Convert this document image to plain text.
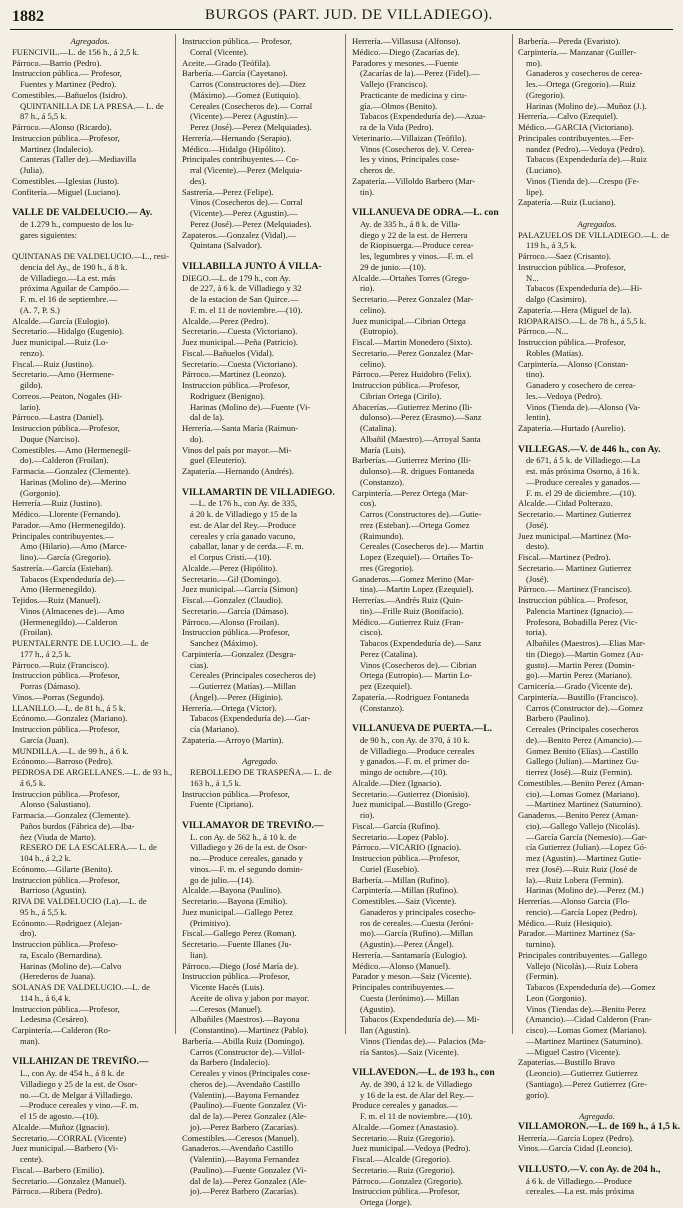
1882	BURGOS (PART. JUD. DE VILLADIEGO).
Agregados.
FUENCIVIL.—L. de 156 h., á 2,5 k.
Párroco.—Barrio (Pedro).
Instruccion pública.— Profesor,
Fuentes y Martinez (Pedro).
Comestibles.—Bañuelos (Isidro).
QUINTANILLA DE LA PRESA.— L. de
87 h., á 5,5 k.
Párroco.—Alonso (Ricardo).
Instruccion pública.—Profesor,
Martinez (Indalecio).
Canteras (Taller de).—Mediavilla
(Julia).
Comestibles.—Iglesias (Justo).
Confitería.—Miguel (Luciano).

VALLE DE VALDELUCIO.— Ay.
de 1.279 h., compuesto de los lu-
gares siguientes:

QUINTANAS DE VALDELUCIO.—L., resi-
dencia del Ay., de 190 h., á 8 k.
de Villadiego.—La est. más
próxima Aguilar de Campóo.—
F. m. el 16 de septiembre.—
(A. 7, P. S.)
Alcalde.—García (Eulogio).
Secretario.—Hidalgo (Eugenio).
Juez municipal.—Ruiz (Lo-
renzo).
Fiscal.—Ruiz (Justino).
Secretario.—Amo (Hermene-
gildo).
Correos.—Peaton, Nogales (Hi-
lario).
Párroco.—Lastra (Daniel).
Instruccion pública.—Profesor,
Duque (Narciso).
Comestibles.—Amo (Hermenegil-
do).—Calderon (Froilan).
Farmacia.—Gonzalez (Clemente).
Harinas (Molino de).—Merino
(Gorgonio).
Herrería.—Ruiz (Justino).
Médico.—Llorente (Fernando).
Parador.—Amo (Hermenegildo).
Principales contribuyentes.—
Amo (Hilario).—Amo (Marce-
lino).—García (Gregorio).
Sastrería.—García (Esteban).
Tabacos (Expendeduría de).—
Amo (Hermenegildo).
Tejidos.—Ruiz (Manuel).
Vinos (Almacenes de).—Amo
(Hermenegildo).—Calderon
(Froilan).
PUENTALERNTE DE LUCIO.—L. de
177 h., á 2,5 k.
Párroco.—Ruiz (Francisco).
Instruccion pública.—Profesor,
Porras (Dámaso).
Vinos.—Porras (Segundo).
LLANILLO.—L. de 81 h., á 5 k.
Ecónomo.—Gonzalez (Mariano).
Instruccion pública.—Profesor,
García (Juan).
MUNDILLA.—L. de 99 h., á 6 k.
Ecónomo.—Barroso (Pedro).
PEDROSA DE ARGELLANES.—L. de 93 h.,
á 6,5 k.
Instruccion pública.—Profesor,
Alonso (Salustiano).
Farmacia.—Gonzalez (Clemente).
Paños burdos (Fábrica de).—Iba-
ñez (Viuda de Marto).
RESERO DE LA ESCALERA.— L. de
104 h., á 2,2 k.
Ecónomo.—Gilarte (Benito).
Instruccion pública.—Profesor,
Barrioso (Agustin).
RIVA DE VALDELUCIO (La).—L. de
95 h., á 5,5 k.
Ecónomo.—Rodriguez (Alejan-
dro).
Instruccion pública.—Profeso-
ra, Escalo (Bernardina).
Harinas (Molino de).—Calvo
(Herederos de Juana).
SOLANAS DE VALDELUCIO.—L. de
114 h., á 6,4 k.
Instruccion pública.—Profesor,
Ledesma (Cesáreo).
Carpintería.—Calderon (Ro-
man).

VILLAHIZAN DE TREVIÑO.—
L., con Ay. de 454 h., á 8 k. de
Villadiego y 25 de la est. de Osor-
no.—Ct. de Melgar á Villadiego.
—Produce cereales y vino.—F. m.
el 15 de agosto.—(10).
Alcalde.—Muñoz (Ignacio).
Secretario.—CORRAL (Vicente)
Juez municipal.—Barbero (Vi-
cente).
Fiscal.—Barbero (Emilio).
Secretario.—Gonzalez (Manuel).
Párroco.—Ribera (Pedro).
Instruccion pública.— Profesor,
Corral (Vicente).
Aceite.—Grado (Teófila).
Barbería.—García (Cayetano).
Carros (Constructores de).—Diez
(Máximo).—Gomez (Eutiquio).
Cereales (Cosecheros de).— Corral
(Vicente).—Perez (Agustin).—
Perez (José).—Perez (Melquiades).
Herrería.—Hernando (Serapio).
Médico.—Hidalgo (Hipólito).
Principales contribuyentes.— Co-
rral (Vicente).—Perez (Melquia-
des).
Sastrería.—Perez (Felipe).
Vinos (Cosecheros de).— Corral
(Vicente).—Perez (Agustin).—
Perez (José).—Perez (Melquiades).
Zapateros.—Gonzalez (Vidal).—
Quintana (Salvador).

VILLABILLA JUNTO Á VILLA-
DIEGO.—L. de 179 h., con Ay.
de 227, á 6 k. de Villadiego y 32
de la estacion de San Quirce.—
F. m. el 11 de noviembre.—(10).
Alcalde.—Perez (Pedro).
Secretario.—Cuesta (Victoriano).
Juez municipal.—Peña (Patricio).
Fiscal.—Bañuelos (Vidal).
Secretario.—Cuesta (Victoriano).
Párroco.—Martinez (Leonzo).
Instruccion pública.—Profesor,
Rodriguez (Benigno).
Harinas (Molino de).—Fuente (Vi-
dal de la).
Herrería.—Santa María (Raimun-
do).
Vinos del país por mayor.—Mi-
guel (Eleuterio).
Zapatería.—Hernando (Andrés).

VILLAMARTIN DE VILLADIEGO.
—L. de 176 h., con Ay. de 335,
á 20 k. de Villadiego y 15 de la
est. de Alar del Rey.—Produce
cereales y cría ganado vacuno,
caballar, lanar y de cerda.—F. m.
el Corpus Cristi.—(10).
Alcalde.—Perez (Hipólito).
Secretario.—Gil (Domingo).
Juez municipal.—García (Simon)
Fiscal.—Gonzalez (Claudio).
Secretario.—García (Dámaso).
Párroco.—Alonso (Froilan).
Instruccion pública.—Profesor,
Sanchez (Máximo).
Carpintería.—Gonzalez (Desgra-
cias).
Cereales (Principales cosecheros de)
—Gutierrez (Matías).—Millan
(Ángel).—Perez (Higinio).
Herrería.—Ortega (Víctor).
Tabacos (Expendeduría de).—Gar-
cía (Mariano).
Zapatería.—Arroyo (Martin).

Agregado.
REBOLLEDO DE TRASPEÑA.— L. de
163 h., á 1,5 k.
Instruccion pública.—Profesor,
Fuente (Cipriano).

VILLAMAYOR DE TREVIÑO.—
L. con Ay. de 562 h., á 10 k. de
Villadiego y 26 de la est. de Osor-
no.—Produce cereales, ganado y
vinos.—F. m. el segundo domin-
go de julio.—(14).
Alcalde.—Bayona (Paulino).
Secretario.—Bayona (Emilio).
Juez municipal.—Gallego Perez
(Primitivo).
Fiscal.—Gallego Perez (Roman).
Secretario.—Fuente Illanes (Ju-
lian).
Párroco.—Diego (José María de).
Instruccion pública.—Profesor,
Vicente Hacés (Luis).
Aceite de oliva y jabon por mayor.
—Ceresos (Manuel).
Albañiles (Maestros).—Bayona
(Constantino).—Martinez (Pablo).
Barbería.—Abilla Ruiz (Domingo).
Carros (Constructor de).—Villol-
da Barbero (Indalecio).
Cereales y vinos (Principales cose-
cheros de).—Avendaño Castillo
(Valentin).—Bayona Fernandez
(Paulino).—Fuente Gonzalez (Vi-
dal de la).—Perez Gonzalez (Ale-
jo).—Perez Barbero (Zacarías).
Comestibles.—Ceresos (Manuel).
Ganaderos.—Avendaño Castillo
(Valentin).—Bayona Fernandez
(Paulino).—Fuente Gonzalez (Vi-
dal de la).—Perez Gonzalez (Ale-
jo).—Perez Barbero (Zacarías).
Herrería.—Villasusa (Alfonso).
Médico.—Diego (Zacarías de).
Paradores y mesones.—Fuente
(Zacarías de la).—Perez (Fidel).—
Vallejo (Francisco).
Practicante de medicina y ciru-
gía.—Olmos (Benito).
Tabacos (Expendeduría de).—Azua-
ra de la Vida (Pedro).
Veterinario.—Villaizan (Teófilo).
Vinos (Cosecheros de). V. Cerea-
les y vinos, Principales cose-
cheros de.
Zapatería.—Villoldo Barbero (Mar-
tin).

VILLANUEVA DE ODRA.—L. con
Ay. de 335 h., á 8 k. de Villa-
diego y 22 de la est. de Herrera
de Riopisuerga.—Produce cerea-
les, legumbres y vinos.—F. m. el
29 de junio.—(10).
Alcalde.—Ortañes Torres (Grego-
rio).
Secretario.—Perez Gonzalez (Mar-
celino).
Juez municipal.—Cibrian Ortega
(Eutropio).
Fiscal.—Martin Monedero (Sixto).
Secretario.—Perez Gonzalez (Mar-
celino).
Párroco.—Perez Huidobro (Felix).
Instruccion pública.—Profesor,
Cibrian Ortega (Cirilo).
Abacerías.—Gutierrez Merino (Ili-
dulonso).—Perez (Erasmo).—Sanz
(Catalina).
Albañil (Maestro).—Arroyal Santa
María (Luis).
Barberías.—Gutierrez Merino (Ili-
dulonso).—R. drigues Fontaneda
(Constanzo).
Carpintería.—Perez Ortega (Mar-
cos).
Carros (Constructores de).—Gutie-
rrez (Esteban).—Ortega Gomez
(Raimundo).
Cereales (Cosecheros de).— Martin
Lopez (Ezequiel).— Ortañes To-
rres (Gregorio).
Ganaderos.—Gomez Merino (Mar-
tina).—Martin Lopez (Ezequiel).
Herrerías.—Andrés Ruiz (Quin-
tin).—Frille Ruiz (Bonifacio).
Médico.—Gutierrez Ruiz (Fran-
cisco).
Tabacos (Expendeduría de).—Sanz
Perez (Catalina).
Vinos (Cosecheros de).— Cibrian
Ortega (Eutropio).— Martin Lo-
pez (Ezequiel).
Zapatería.—Rodriguez Fontaneda
(Constanzo).

VILLANUEVA DE PUERTA.—L.
de 90 h., con Ay. de 370, á 10 k.
de Villadiego.—Produce cereales
y ganados.—F. m. el primer do-
mingo de octubre.—(10).
Alcalde.—Diez (Ignacio).
Secretario.—Gutierrez (Dionisio).
Juez municipal.—Bustillo (Grego-
rio).
Fiscal.—García (Rufino).
Secretario.—Lopez (Pablo).
Párroco.—VICARIO (Ignacio).
Instruccion pública.—Profesor,
Curiel (Eusebio).
Barbería.—Millan (Rufino).
Carpintería.—Millan (Rufino).
Comestibles.—Saiz (Vicente).
Ganaderos y principales cosecho-
ros de cereales.—Cuesta (Jeróni-
mo).—García (Rufino).—Millan
(Agustin).—Perez (Ángel).
Herrería.—Santamaría (Eulogio).
Médico.—Alonso (Manuel).
Parador y meson.—Saiz (Vicente).
Principales contribuyentes.—
Cuesta (Jerónimo).— Millan
(Agustin).
Tabacos (Expendeduría de).— Mi-
llan (Agustin).
Vinos (Tiendas de).— Palacios (Ma-
ría Santos).—Saiz (Vicente).

VILLAVEDON.—L. de 193 h., con
Ay. de 390, á 12 k. de Villadiego
y 16 de la est. de Alar del Rey.—
Produce cereales y ganados.—
F. m. el 11 de noviembre.—(10).
Alcalde.—Gomez (Anastasio).
Secretario.—Ruiz (Gregorio).
Juez municipal.—Vedoya (Pedro).
Fiscal.—Alcalde (Gregorio).
Secretario.—Ruiz (Gregorio).
Párroco.—Gonzalez (Gregorio).
Instruccion pública.—Profesor,
Ortega (Jorge).
Barbería.—Pereda (Evaristo).
Carpintería.— Manzanar (Guiller-
mo).
Ganaderos y cosecheros de cerea-
les.—Ortega (Gregorio).—Ruiz
(Gregorio).
Harinas (Molino de).—Muñoz (J.).
Herrería.—Calvo (Ezequiel).
Médico.—GARCIA (Victoriano).
Principales contribuyentes.—Fer-
nandez (Pedro).—Vedoya (Pedro).
Tabacos (Expendeduría de).—Ruiz
(Luciano).
Vinos (Tienda de).—Crespo (Fe-
lipe).
Zapatería.—Ruiz (Luciano).

Agregados.
PALAZUELOS DE VILLADIEGO.—L. de
119 h., á 3,5 k.
Párroco.—Saez (Crisanto).
Instruccion pública.—Profesor,
N...
Tabacos (Expendeduría de).—Hi-
dalgo (Casimiro).
Zapatería.—Hera (Miguel de la).
RIOPARAISO.—L. de 78 h., á 5,5 k.
Párroco.—N...
Instruccion pública.—Profesor,
Robles (Matías).
Carpintería.—Alonso (Constan-
tino).
Ganadero y cosechero de cerea-
les.—Vedoya (Pedro).
Vinos (Tienda de).—Alonso (Va-
lentin).
Zapatería.—Hurtado (Aurelio).

VILLEGAS.—V. de 446 h., con Ay.
de 671, á 5 k. de Villadiego.—La
est. más próxima Osorno, á 16 k.
—Produce cereales y ganados.—
F. m. el 29 de diciembre.—(10).
Alcalde.—Cidad Polterazo.
Secretario.— Martinez Gutierrez
(José).
Juez municipal.—Martinez (Mo-
desto).
Fiscal.—Martinez (Pedro).
Secretario.— Martinez Gutierrez
(José).
Párroco.— Martinez (Francisco).
Instruccion pública.— Profesor,
Palencia Martinez (Ignacio).—
Profesora, Bobadilla Perez (Vic-
toria).
Albañiles (Maestros).—Elias Mar-
tin (Diego).—Martin Gomez (Au-
gusto).—Martin Perez (Domin-
go).—Martin Perez (Mariano).
Carnicería.—Grado (Vicente de).
Carpintería.—Bustillo (Francisco).
Carros (Constructor de).—Gomez
Barbero (Paulino).
Cereales (Principales cosecheros
de).—Benito Perez (Amancio).—
Gomez Benito (Elías).—Castillo
Gallego (Julian).—Martinez Gu-
tierrez (José).—Ruiz (Fermin).
Comestibles.—Benito Perez (Aman-
cio).—Lomas Gomez (Mariano).
—Martinez Martinez (Saturnino).
Ganaderos.—Benito Perez (Aman-
cio).—Gallego Vallejo (Nicolás).
—García García (Nemesio).—Gar-
cía Gutierrez (Julian).—Lopez Gó-
mez (Agustin).—Martinez Gutie-
rrez (José).—Ruiz Ruiz (José de
la).—Ruiz Lobera (Fermin).
Harinas (Molino de).—Perez (M.)
Herrerías.—Alonso Garcia (Flo-
rencio).—García Lopez (Pedro).
Médico.—Ruiz (Hesiquio).
Parador.—Martinez Martinez (Sa-
turnino).
Principales contribuyentes.—Gallego
Vallejo (Nicolás).—Ruiz Lobera
(Fermin).
Tabacos (Expendeduría de).—Gomez
Leon (Gorgonio).
Vinos (Tiendas de).—Benito Perez
(Amancio).—Cidad Calderon (Fran-
cisco).—Lomas Gomez (Mariano).
—Martinez Martinez (Saturnino).
—Miguel Castro (Vicente).
Zapaterías.—Bustillo Bravo
(Leoncio).—Gutierrez Gutierrez
(Santiago).—Perez Gutierrez (Gre-
gorio).

Agregado.
VILLAMORON.—L. de 169 h., á 1,5 k.
Herrería.—García Lopez (Pedro).
Vinos.—García Cidad (Leoncio).

VILLUSTO.—V. con Ay. de 204 h.,
á 6 k. de Villadiego.—Produce
cereales.—La est. más próxima
